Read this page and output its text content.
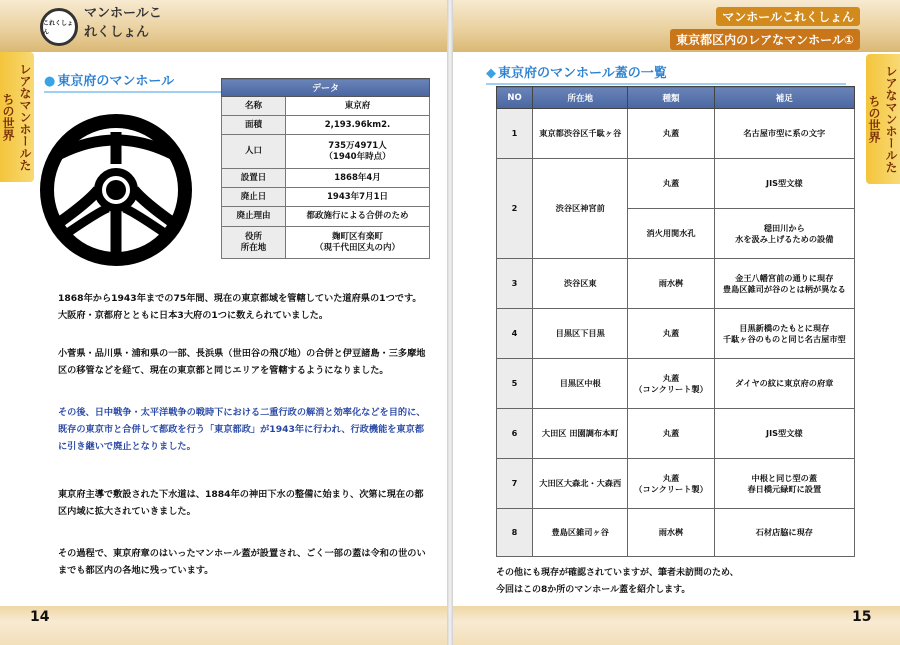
これくしょん
マンホールこれくしょん
マンホールこれくしょん
東京都区内のレアなマンホール①
レアなマンホールたちの世界	レアなマンホールたちの世界
14	15
● 東京府のマンホール	データ	
名称	東京府
面積	2,193.96km2.
人口	735万4971人
（1940年時点）
設置日	1868年4月
廃止日	1943年7月1日
廃止理由	都政施行による合併のため
役所
所在地	麹町区有楽町
（現千代田区丸の内）
1868年から1943年までの75年間、現在の東京都域を管轄していた道府県の1つです。大阪府・京都府とともに日本3大府の1つに数えられていました。
小菅県・品川県・浦和県の一部、長浜県（世田谷の飛び地）の合併と伊豆諸島・三多摩地区の移管などを経て、現在の東京都と同じエリアを管轄するようになりました。
その後、日中戦争・太平洋戦争の戦時下における二重行政の解消と効率化などを目的に、既存の東京市と合併して都政を行う「東京都政」が1943年に行われ、行政機能を東京都に引き継いで廃止となりました。
東京府主導で敷設された下水道は、1884年の神田下水の整備に始まり、次第に現在の都区内域に拡大されていきました。
その過程で、東京府章のはいったマンホール蓋が設置され、ごく一部の蓋は令和の世のいまでも都区内の各地に残っています。
◆ 東京府のマンホール蓋の一覧
NO	所在地	種類	補足
1	東京都渋谷区千駄ヶ谷	丸蓋	名古屋市型に系の文字
2	渋谷区神宮前	丸蓋	JIS型文様
		消火用関水孔	穏田川から
水を汲み上げるための設備
3	渋谷区東	雨水桝	金王八幡宮前の通りに現存
豊島区雑司が谷のとは柄が異なる
4	目黒区下目黒	丸蓋	目黒新橋のたもとに現存
千駄ヶ谷のものと同じ名古屋市型
5	目黒区中根	丸蓋
（コンクリート製）	ダイヤの紋に東京府の府章
6	大田区 田園調布本町	丸蓋	JIS型文様
7	大田区大森北・大森西	丸蓋
（コンクリート製）	中根と同じ型の蓋
春日橋元緑町に設置
8	豊島区雑司ヶ谷	雨水桝	石材店脇に現存
その他にも現存が確認されていますが、筆者未訪問のため、
今回はこの8か所のマンホール蓋を紹介します。
